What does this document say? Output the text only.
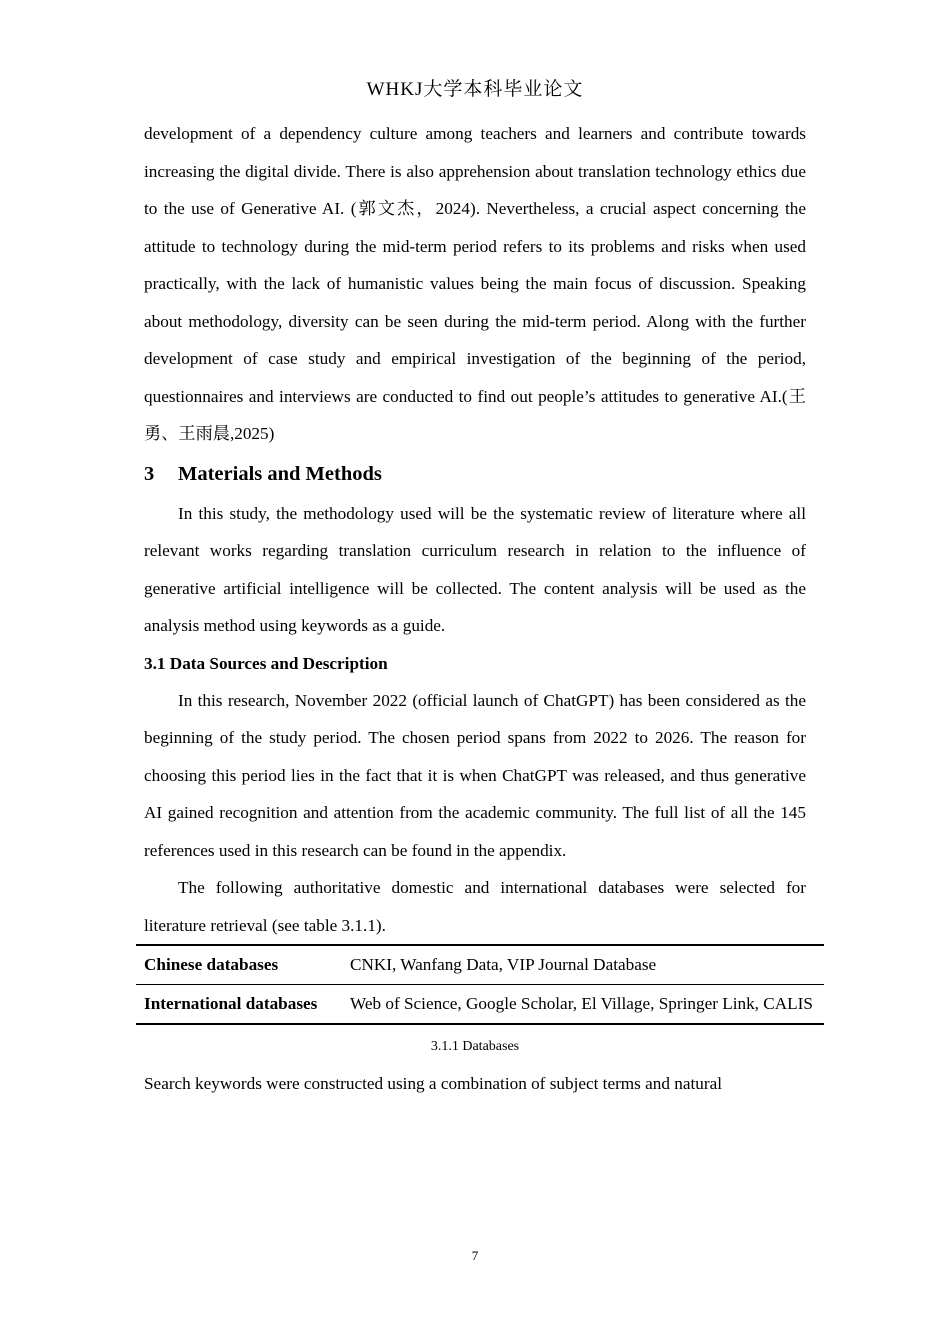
WHKJ大学本科毕业论文

development of a dependency culture among teachers and learners and contribute towards increasing the digital divide. There is also apprehension about translation technology ethics due to the use of Generative AI. (郭文杰，2024). Nevertheless, a crucial aspect concerning the attitude to technology during the mid-term period refers to its problems and risks when used practically, with the lack of humanistic values being the main focus of discussion. Speaking about methodology, diversity can be seen during the mid-term period. Along with the further development of case study and empirical investigation of the beginning of the period, questionnaires and interviews are conducted to find out people’s attitudes to generative AI.(王勇、王雨晨,2025)

3	Materials and Methods

In this study, the methodology used will be the systematic review of literature where all relevant works regarding translation curriculum research in relation to the influence of generative artificial intelligence will be collected. The content analysis will be used as the analysis method using keywords as a guide.

3.1 Data Sources and Description

In this research, November 2022 (official launch of ChatGPT) has been considered as the beginning of the study period. The chosen period spans from 2022 to 2026. The reason for choosing this period lies in the fact that it is when ChatGPT was released, and thus generative AI gained recognition and attention from the academic community. The full list of all the 145 references used in this research can be found in the appendix.

The following authoritative domestic and international databases were selected for literature retrieval (see table 3.1.1).

Chinese databases	CNKI, Wanfang Data, VIP Journal Database
International databases	Web of Science, Google Scholar, El Village, Springer Link, CALIS
3.1.1 Databases

Search keywords were constructed using a combination of subject terms and natural

7
